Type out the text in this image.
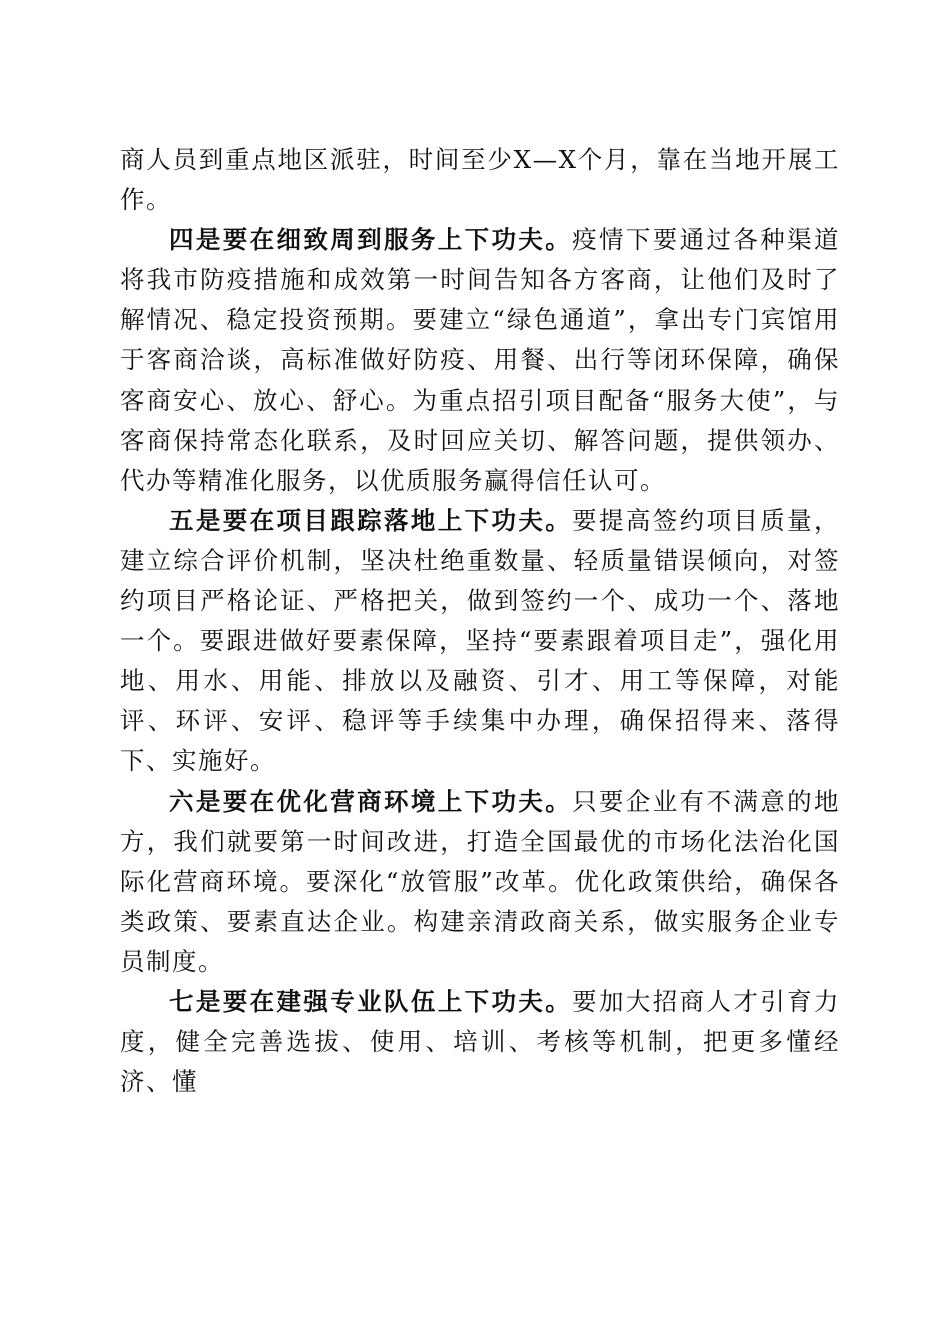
商人员到重点地区派驻，时间至少X—X个月，靠在当地开展工作。

四是要在细致周到服务上下功夫。疫情下要通过各种渠道将我市防疫措施和成效第一时间告知各方客商，让他们及时了解情况、稳定投资预期。要建立“绿色通道”，拿出专门宾馆用于客商洽谈，高标准做好防疫、用餐、出行等闭环保障，确保客商安心、放心、舒心。为重点招引项目配备“服务大使”，与客商保持常态化联系，及时回应关切、解答问题，提供领办、代办等精准化服务，以优质服务赢得信任认可。

五是要在项目跟踪落地上下功夫。要提高签约项目质量，建立综合评价机制，坚决杜绝重数量、轻质量错误倾向，对签约项目严格论证、严格把关，做到签约一个、成功一个、落地一个。要跟进做好要素保障，坚持“要素跟着项目走”，强化用地、用水、用能、排放以及融资、引才、用工等保障，对能评、环评、安评、稳评等手续集中办理，确保招得来、落得下、实施好。

六是要在优化营商环境上下功夫。只要企业有不满意的地方，我们就要第一时间改进，打造全国最优的市场化法治化国际化营商环境。要深化“放管服”改革。优化政策供给，确保各类政策、要素直达企业。构建亲清政商关系，做实服务企业专员制度。

七是要在建强专业队伍上下功夫。要加大招商人才引育力度，健全完善选拔、使用、培训、考核等机制，把更多懂经济、懂
